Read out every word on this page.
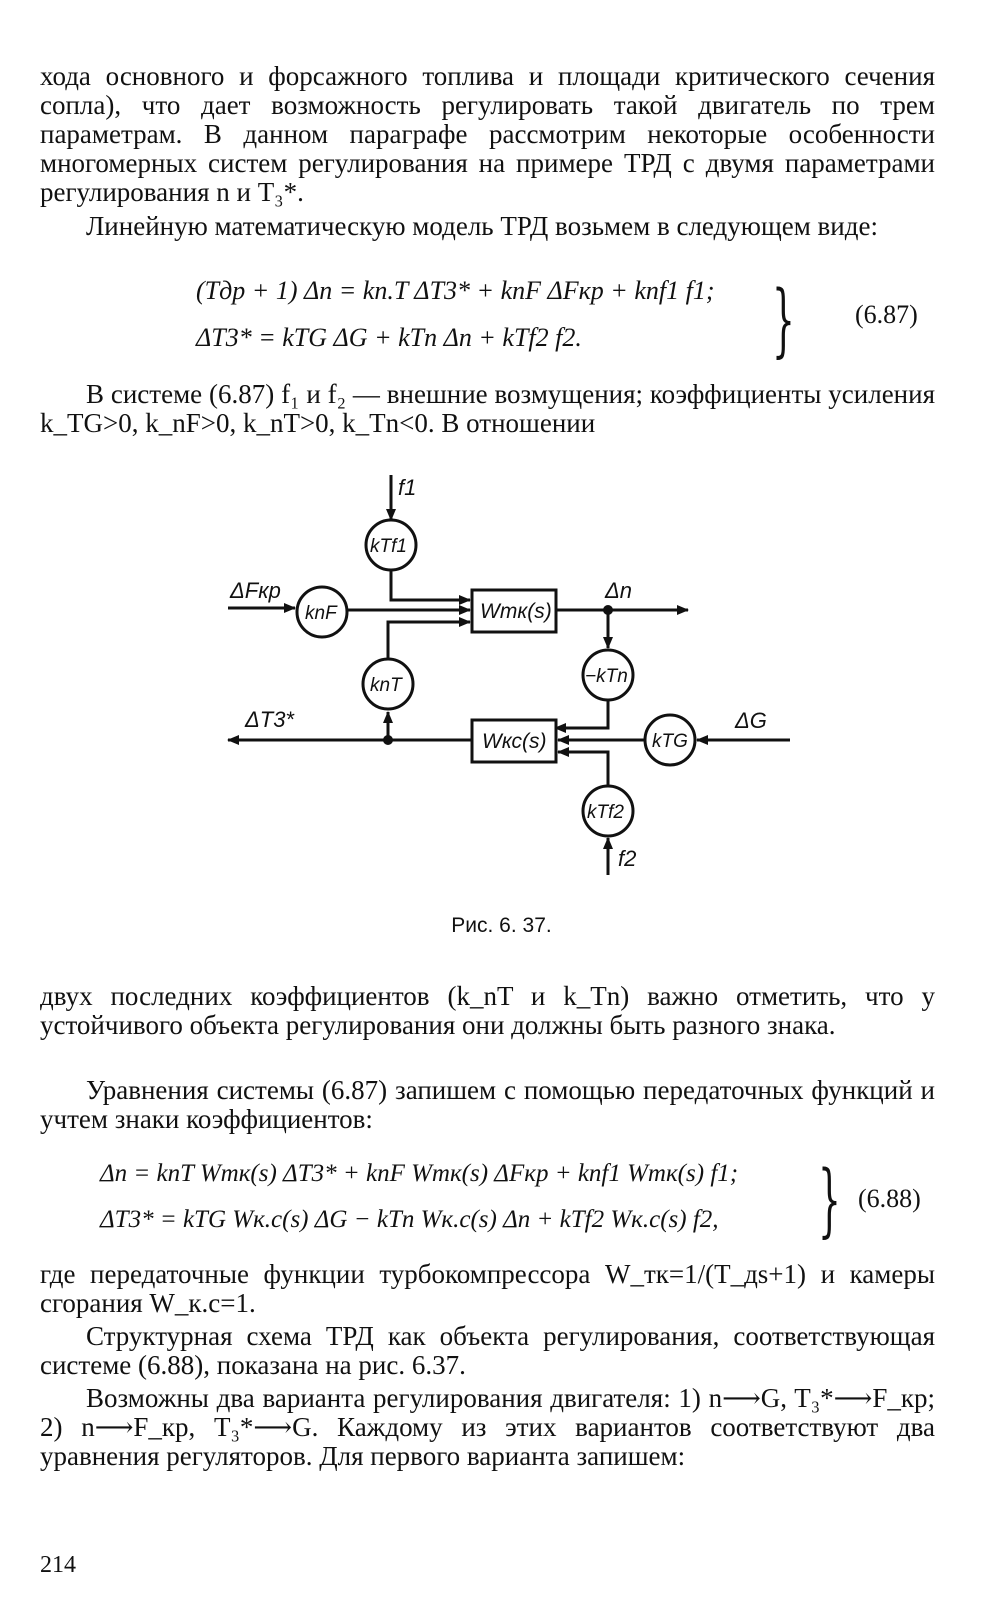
хода основного и форсажного топлива и площади критического сечения сопла), что дает возможность регулировать такой двигатель по трем параметрам. В данном параграфе рассмотрим некоторые особенности многомерных систем регулирования на примере ТРД с двумя параметрами регулирования n и T₃*.

Линейную математическую модель ТРД возьмем в следующем виде:

(Tдp + 1) Δn = kn.T ΔT3* + knF ΔFкр + knf1 f1;
ΔT3* = kTG ΔG + kTn Δn + kTf2 f2. } (6.87)

В системе (6.87) f₁ и f₂ — внешние возмущения; коэффициенты усиления k_TG>0, k_nF>0, k_nT>0, k_Tn<0. В отношении

f1
kTf1
ΔFкр
knF	Wтк(s)
Δn
−kTn
knT
ΔT3*
Wкс(s)	kTG
ΔG
kTf2
f2
Рис. 6. 37.

двух последних коэффициентов (k_nT и k_Tn) важно отметить, что у устойчивого объекта регулирования они должны быть разного знака.

Уравнения системы (6.87) запишем с помощью передаточных функций и учтем знаки коэффициентов:

Δn = knT Wтк(s) ΔT3* + knF Wтк(s) ΔFкр + knf1 Wтк(s) f1;
ΔT3* = kTG Wк.с(s) ΔG − kTn Wк.с(s) Δn + kTf2 Wк.с(s) f2, } (6.88)

где передаточные функции турбокомпрессора W_тк=1/(T_дs+1) и камеры сгорания W_к.с=1.

Структурная схема ТРД как объекта регулирования, соответствующая системе (6.88), показана на рис. 6.37.

Возможны два варианта регулирования двигателя: 1) n⟶G, T₃*⟶F_кр; 2) n⟶F_кр, T₃*⟶G. Каждому из этих вариантов соответствуют два уравнения регуляторов. Для первого варианта запишем:

214
